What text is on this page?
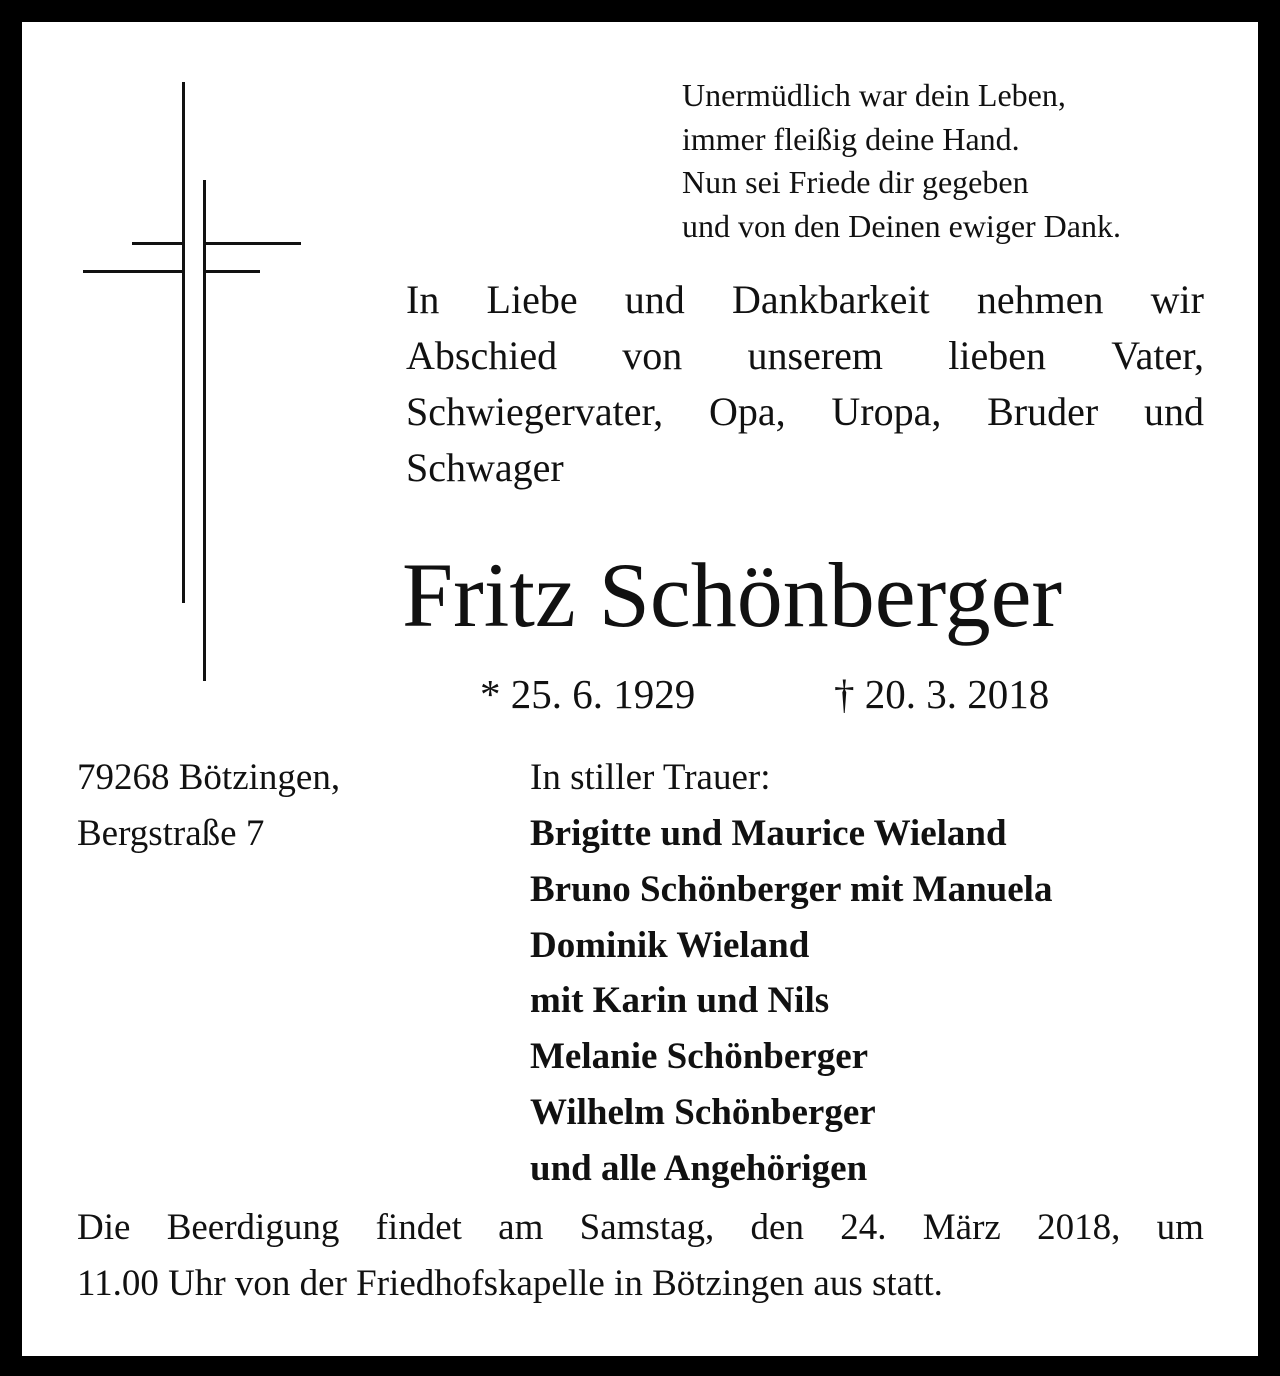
Unermüdlich war dein Leben,
immer fleißig deine Hand.
Nun sei Friede dir gegeben
und von den Deinen ewiger Dank.
In Liebe und Dankbarkeit nehmen wir
Abschied von unserem lieben Vater,
Schwiegervater, Opa, Uropa, Bruder und
Schwager
Fritz Schönberger
* 25. 6. 1929	† 20. 3. 2018
79268 Bötzingen,
Bergstraße 7
In stiller Trauer:
Brigitte und Maurice Wieland
Bruno Schönberger mit Manuela
Dominik Wieland
mit Karin und Nils
Melanie Schönberger
Wilhelm Schönberger
und alle Angehörigen
Die Beerdigung findet am Samstag, den 24. März 2018, um
11.00 Uhr von der Friedhofskapelle in Bötzingen aus statt.
